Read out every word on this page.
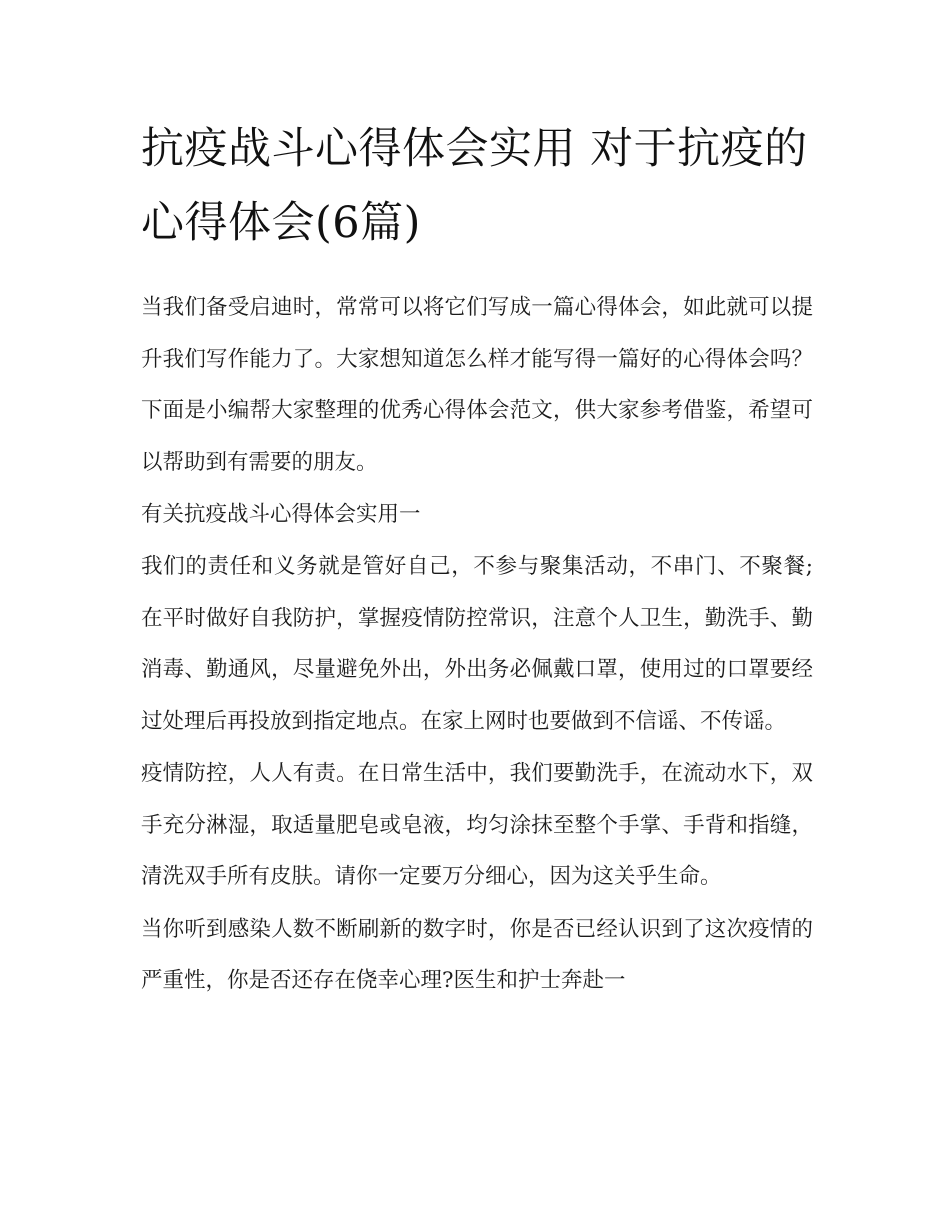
抗疫战斗心得体会实用 对于抗疫的心得体会(6篇)

当我们备受启迪时，常常可以将它们写成一篇心得体会，如此就可以提升我们写作能力了。大家想知道怎么样才能写得一篇好的心得体会吗？下面是小编帮大家整理的优秀心得体会范文，供大家参考借鉴，希望可以帮助到有需要的朋友。

有关抗疫战斗心得体会实用一

我们的责任和义务就是管好自己，不参与聚集活动，不串门、不聚餐;在平时做好自我防护，掌握疫情防控常识，注意个人卫生，勤洗手、勤消毒、勤通风，尽量避免外出，外出务必佩戴口罩，使用过的口罩要经过处理后再投放到指定地点。在家上网时也要做到不信谣、不传谣。

疫情防控，人人有责。在日常生活中，我们要勤洗手，在流动水下，双手充分淋湿，取适量肥皂或皂液，均匀涂抹至整个手掌、手背和指缝，清洗双手所有皮肤。请你一定要万分细心，因为这关乎生命。

当你听到感染人数不断刷新的数字时，你是否已经认识到了这次疫情的严重性，你是否还存在侥幸心理?医生和护士奔赴一
